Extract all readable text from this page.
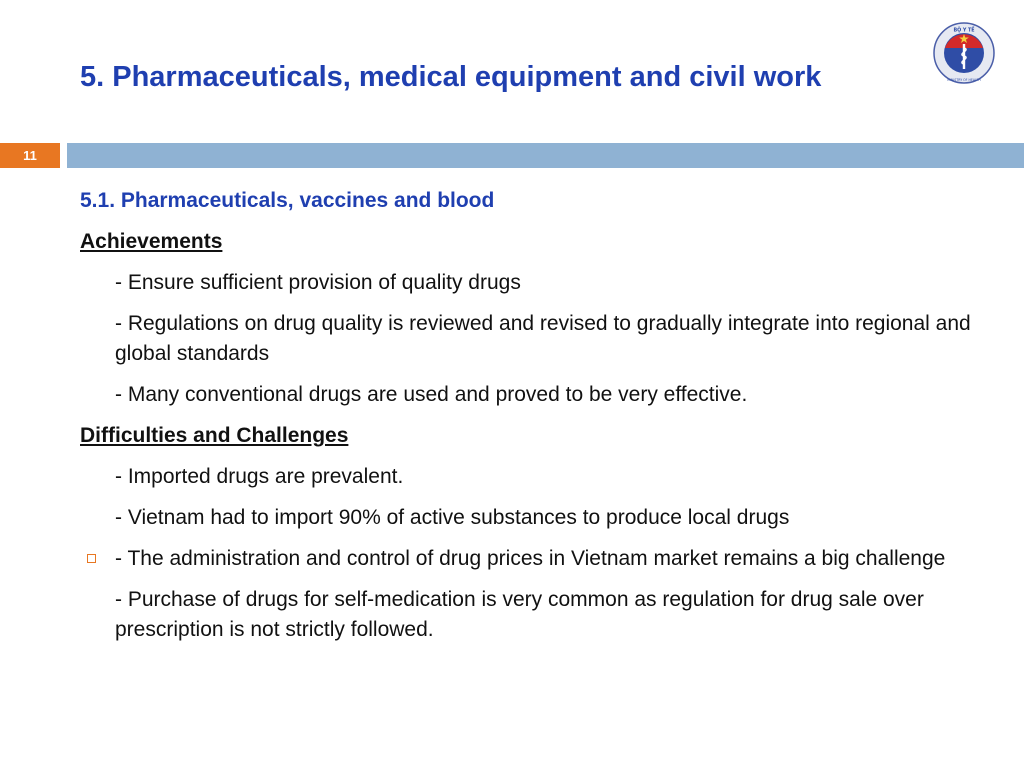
5. Pharmaceuticals, medical equipment and civil work
BỘ Y TẾ
MINISTRY OF HEALTH
11
5.1. Pharmaceuticals, vaccines and blood
Achievements
- Ensure sufficient provision of quality drugs
- Regulations on drug quality is reviewed and revised to gradually integrate into regional and global standards
- Many conventional drugs are used and proved to be very effective.
Difficulties and Challenges
- Imported drugs are prevalent.
- Vietnam had to import 90% of active substances to produce local drugs
- The administration and control of drug prices in Vietnam market remains a big challenge
- Purchase of drugs for self-medication is very common as regulation for drug sale over prescription is not strictly followed.
